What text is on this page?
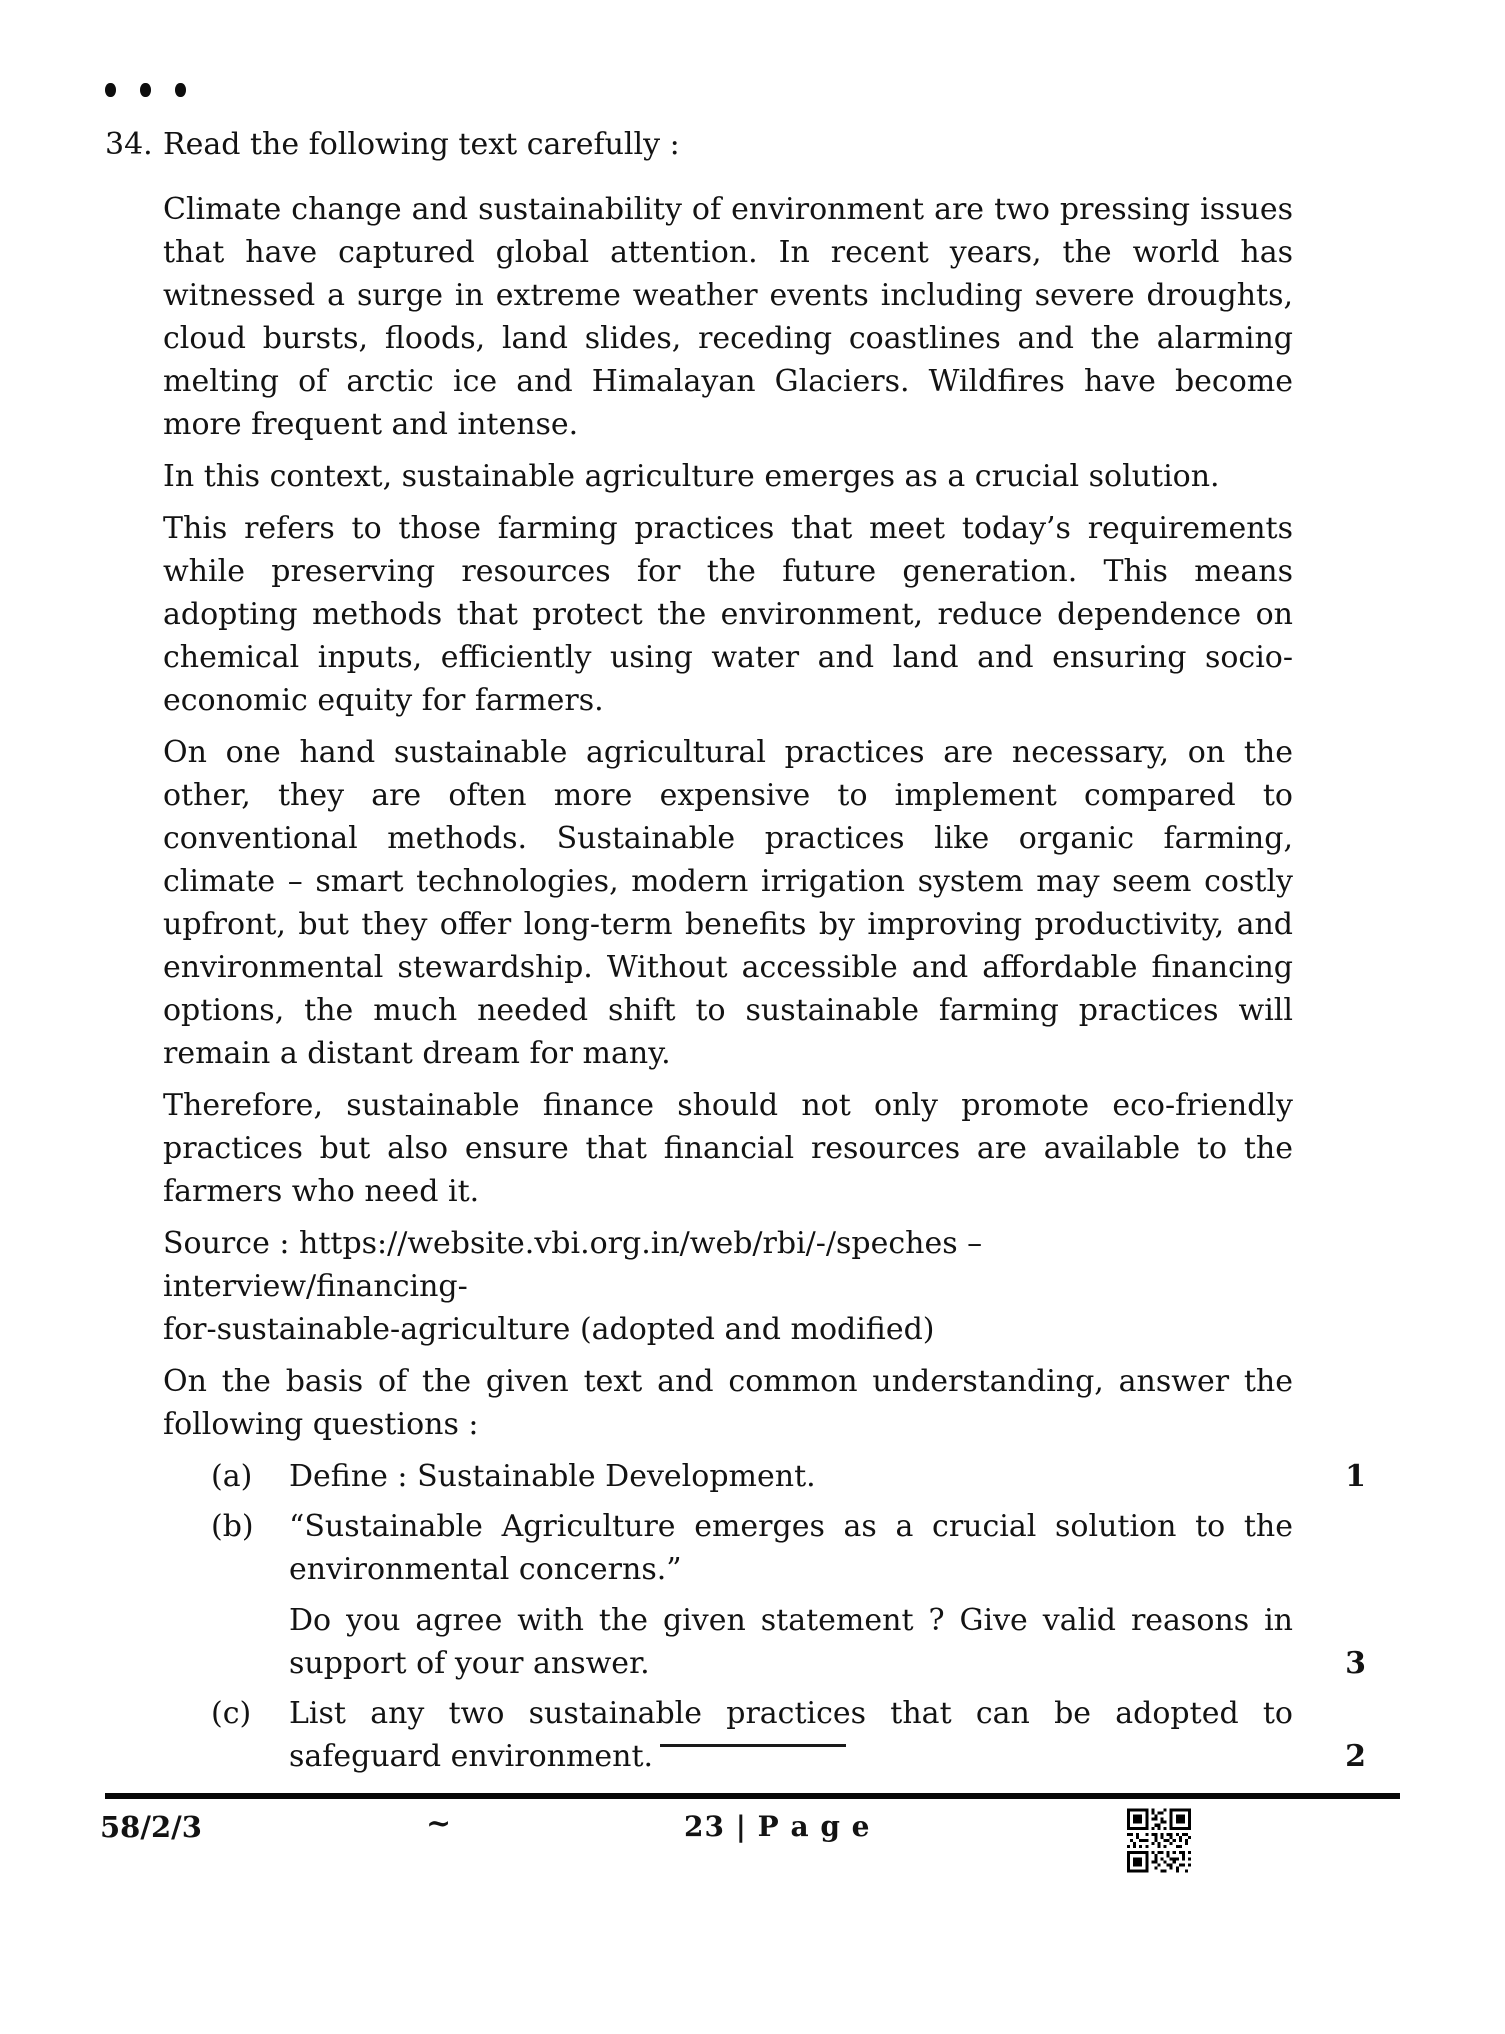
34. Read the following text carefully :

Climate change and sustainability of environment are two pressing issues that have captured global attention. In recent years, the world has witnessed a surge in extreme weather events including severe droughts, cloud bursts, floods, land slides, receding coastlines and the alarming melting of arctic ice and Himalayan Glaciers. Wildfires have become more frequent and intense.

In this context, sustainable agriculture emerges as a crucial solution.

This refers to those farming practices that meet today’s requirements while preserving resources for the future generation. This means adopting methods that protect the environment, reduce dependence on chemical inputs, efficiently using water and land and ensuring socio-economic equity for farmers.

On one hand sustainable agricultural practices are necessary, on the other, they are often more expensive to implement compared to conventional methods. Sustainable practices like organic farming, climate – smart technologies, modern irrigation system may seem costly upfront, but they offer long-term benefits by improving productivity, and environmental stewardship. Without accessible and affordable financing options, the much needed shift to sustainable farming practices will remain a distant dream for many.

Therefore, sustainable finance should not only promote eco-friendly practices but also ensure that financial resources are available to the farmers who need it.

Source : https://website.vbi.org.in/web/rbi/-/speches – interview/financing-

for-sustainable-agriculture (adopted and modified)

On the basis of the given text and common understanding, answer the following questions :

(a)	Define : Sustainable Development.	1
(b)	“Sustainable Agriculture emerges as a crucial solution to the environmental concerns.”

Do you agree with the given statement ? Give valid reasons in support of your answer.	3
(c)	List any two sustainable practices that can be adopted to safeguard environment.	2
58/2/3	~	23 | P a g e
